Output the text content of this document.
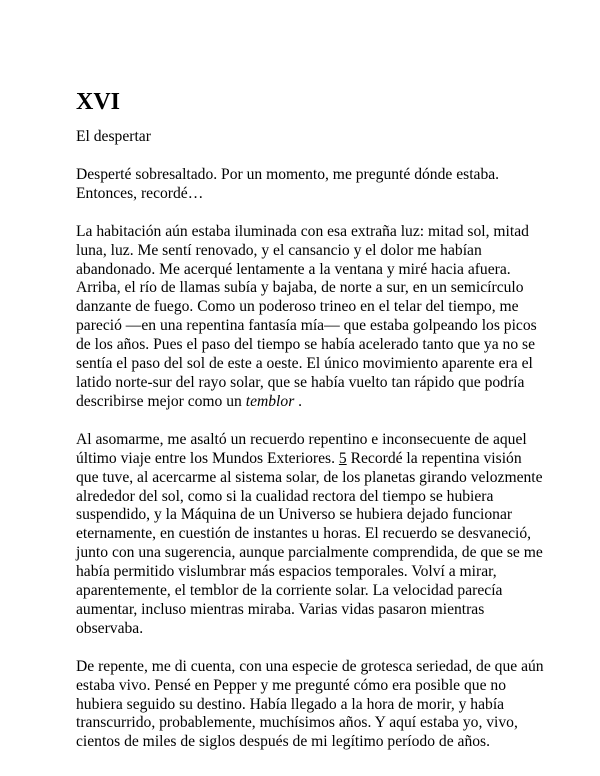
XVI

El despertar

Desperté sobresaltado. Por un momento, me pregunté dónde estaba. Entonces, recordé…

La habitación aún estaba iluminada con esa extraña luz: mitad sol, mitad luna, luz. Me sentí renovado, y el cansancio y el dolor me habían abandonado. Me acerqué lentamente a la ventana y miré hacia afuera. Arriba, el río de llamas subía y bajaba, de norte a sur, en un semicírculo danzante de fuego. Como un poderoso trineo en el telar del tiempo, me pareció —en una repentina fantasía mía— que estaba golpeando los picos de los años. Pues el paso del tiempo se había acelerado tanto que ya no se sentía el paso del sol de este a oeste. El único movimiento aparente era el latido norte-sur del rayo solar, que se había vuelto tan rápido que podría describirse mejor como un temblor .

Al asomarme, me asaltó un recuerdo repentino e inconsecuente de aquel último viaje entre los Mundos Exteriores. 5 Recordé la repentina visión que tuve, al acercarme al sistema solar, de los planetas girando velozmente alrededor del sol, como si la cualidad rectora del tiempo se hubiera suspendido, y la Máquina de un Universo se hubiera dejado funcionar eternamente, en cuestión de instantes u horas. El recuerdo se desvaneció, junto con una sugerencia, aunque parcialmente comprendida, de que se me había permitido vislumbrar más espacios temporales. Volví a mirar, aparentemente, el temblor de la corriente solar. La velocidad parecía aumentar, incluso mientras miraba. Varias vidas pasaron mientras observaba.

De repente, me di cuenta, con una especie de grotesca seriedad, de que aún estaba vivo. Pensé en Pepper y me pregunté cómo era posible que no hubiera seguido su destino. Había llegado a la hora de morir, y había transcurrido, probablemente, muchísimos años. Y aquí estaba yo, vivo, cientos de miles de siglos después de mi legítimo período de años.
